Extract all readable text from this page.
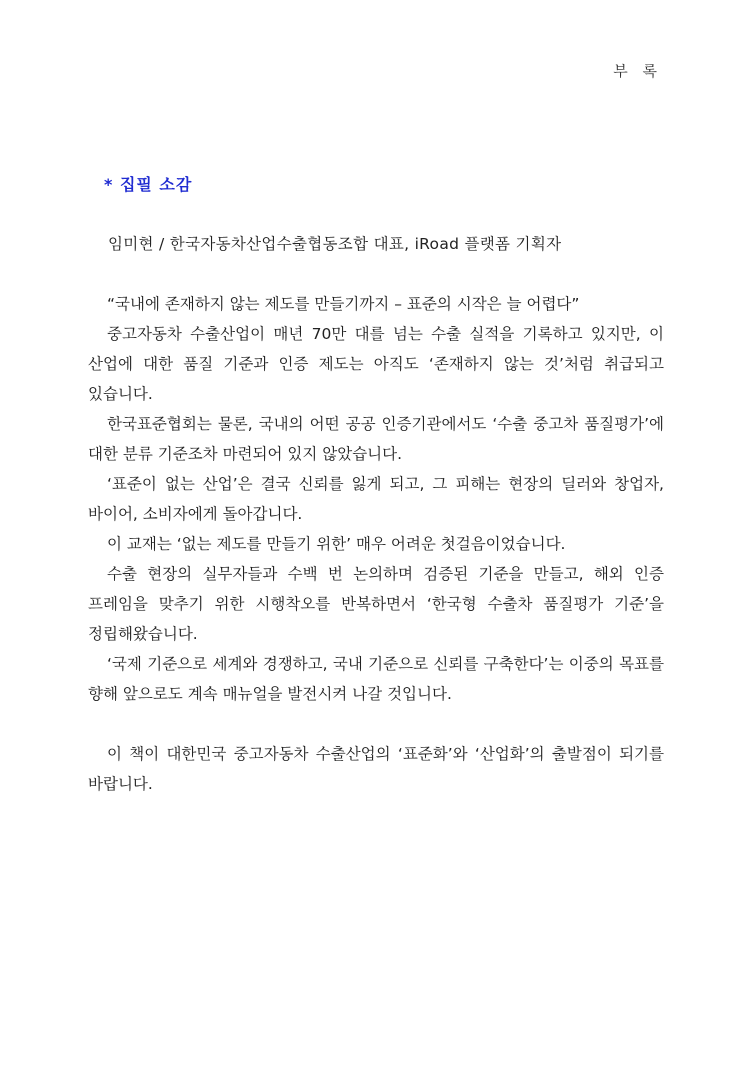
부 록
* 집필 소감
임미현 / 한국자동차산업수출협동조합 대표, iRoad 플랫폼 기획자

“국내에 존재하지 않는 제도를 만들기까지 – 표준의 시작은 늘 어렵다”

중고자동차 수출산업이 매년 70만 대를 넘는 수출 실적을 기록하고 있지만, 이 산업에 대한 품질 기준과 인증 제도는 아직도 ‘존재하지 않는 것’처럼 취급되고 있습니다.

한국표준협회는 물론, 국내의 어떤 공공 인증기관에서도 ‘수출 중고차 품질평가’에 대한 분류 기준조차 마련되어 있지 않았습니다.

‘표준이 없는 산업’은 결국 신뢰를 잃게 되고, 그 피해는 현장의 딜러와 창업자, 바이어, 소비자에게 돌아갑니다.

이 교재는 ‘없는 제도를 만들기 위한’ 매우 어려운 첫걸음이었습니다.

수출 현장의 실무자들과 수백 번 논의하며 검증된 기준을 만들고, 해외 인증 프레임을 맞추기 위한 시행착오를 반복하면서 ‘한국형 수출차 품질평가 기준’을 정립해왔습니다.

‘국제 기준으로 세계와 경쟁하고, 국내 기준으로 신뢰를 구축한다’는 이중의 목표를 향해 앞으로도 계속 매뉴얼을 발전시켜 나갈 것입니다.

이 책이 대한민국 중고자동차 수출산업의 ‘표준화’와 ‘산업화’의 출발점이 되기를 바랍니다.
